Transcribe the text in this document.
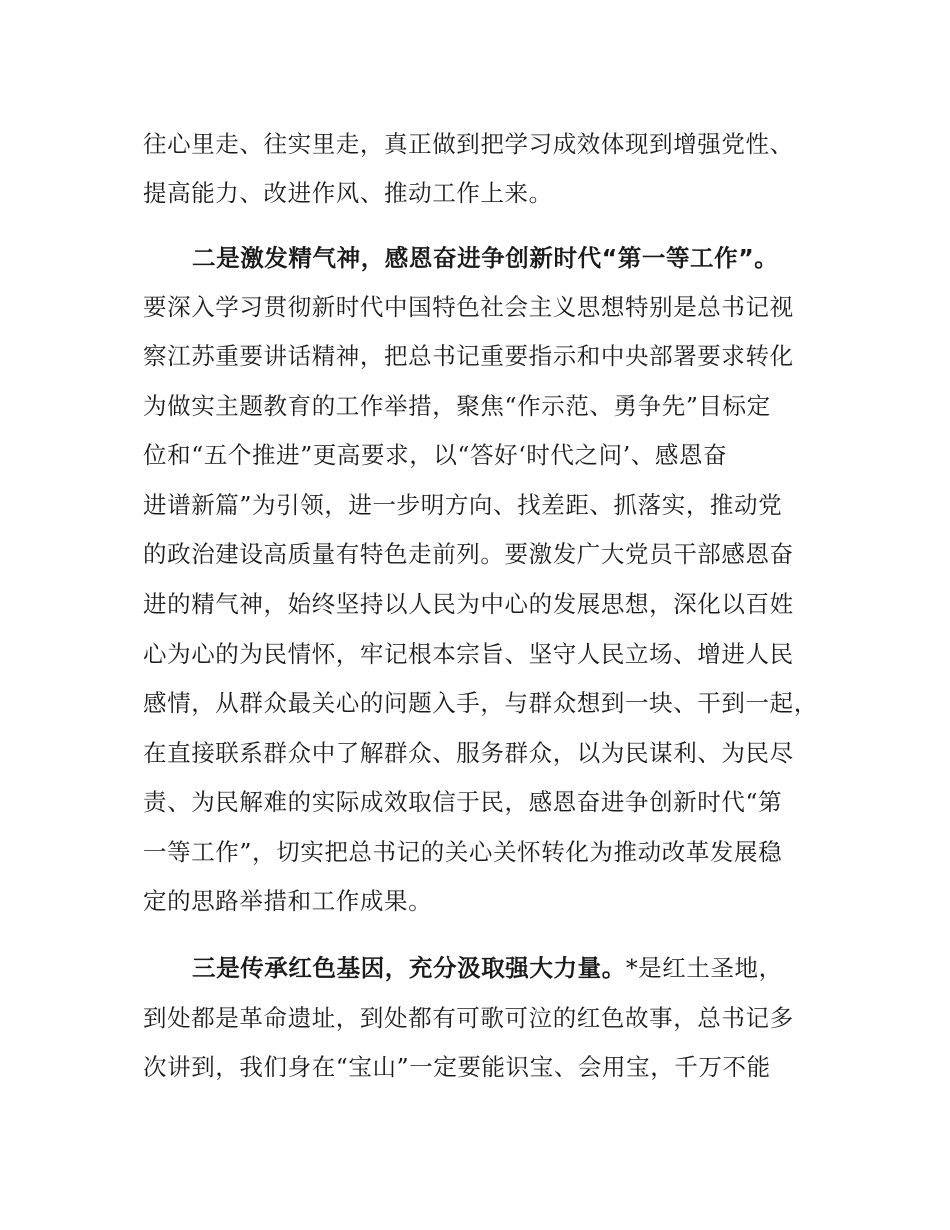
往心里走、往实里走，真正做到把学习成效体现到增强党性、
提高能力、改进作风、推动工作上来。
二是激发精气神，感恩奋进争创新时代“第一等工作”。
要深入学习贯彻新时代中国特色社会主义思想特别是总书记视
察江苏重要讲话精神，把总书记重要指示和中央部署要求转化
为做实主题教育的工作举措，聚焦“作示范、勇争先”目标定
位和“五个推进”更高要求，以“答好‘时代之问’、感恩奋
进谱新篇”为引领，进一步明方向、找差距、抓落实，推动党
的政治建设高质量有特色走前列。要激发广大党员干部感恩奋
进的精气神，始终坚持以人民为中心的发展思想，深化以百姓
心为心的为民情怀，牢记根本宗旨、坚守人民立场、增进人民
感情，从群众最关心的问题入手，与群众想到一块、干到一起，
在直接联系群众中了解群众、服务群众，以为民谋利、为民尽
责、为民解难的实际成效取信于民，感恩奋进争创新时代“第
一等工作”，切实把总书记的关心关怀转化为推动改革发展稳
定的思路举措和工作成果。
三是传承红色基因，充分汲取强大力量。*是红土圣地，
到处都是革命遗址，到处都有可歌可泣的红色故事，总书记多
次讲到，我们身在“宝山”一定要能识宝、会用宝，千万不能
